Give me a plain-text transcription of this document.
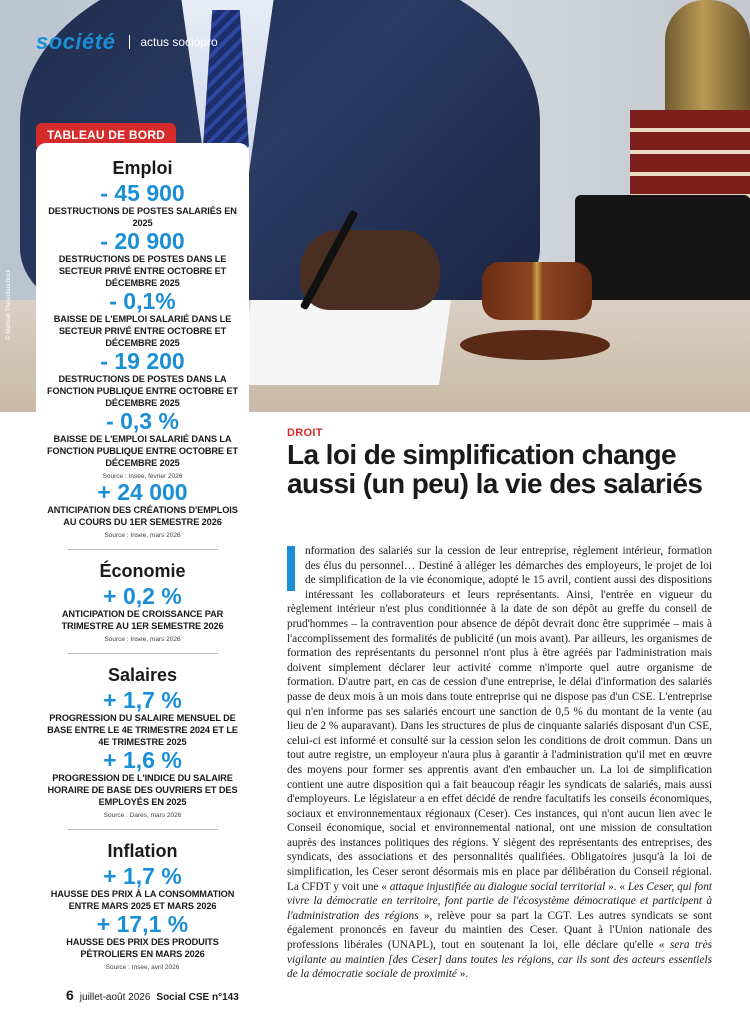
société actus sociopro
© Mattsuk Thesultanchock
TABLEAU DE BORD
Emploi
- 45 900
DESTRUCTIONS DE POSTES SALARIÉS EN 2025
- 20 900
DESTRUCTIONS DE POSTES DANS LE SECTEUR PRIVÉ ENTRE OCTOBRE ET DÉCEMBRE 2025
- 0,1%
BAISSE DE L'EMPLOI SALARIÉ DANS LE SECTEUR PRIVÉ ENTRE OCTOBRE ET DÉCEMBRE 2025
- 19 200
DESTRUCTIONS DE POSTES DANS LA FONCTION PUBLIQUE ENTRE OCTOBRE ET DÉCEMBRE 2025
- 0,3 %
BAISSE DE L'EMPLOI SALARIÉ DANS LA FONCTION PUBLIQUE ENTRE OCTOBRE ET DÉCEMBRE 2025
Source : Insee, février 2026
+ 24 000
ANTICIPATION DES CRÉATIONS D'EMPLOIS AU COURS DU 1ER SEMESTRE 2026
Source : Insee, mars 2026
Économie
+ 0,2 %
ANTICIPATION DE CROISSANCE PAR TRIMESTRE AU 1ER SEMESTRE 2026
Source : Insee, mars 2026
Salaires
+ 1,7 %
PROGRESSION DU SALAIRE MENSUEL DE BASE ENTRE LE 4E TRIMESTRE 2024 ET LE 4E TRIMESTRE 2025
+ 1,6 %
PROGRESSION DE L'INDICE DU SALAIRE HORAIRE DE BASE DES OUVRIERS ET DES EMPLOYÉS EN 2025
Source : Dares, mars 2026
Inflation
+ 1,7 %
HAUSSE DES PRIX À LA CONSOMMATION ENTRE MARS 2025 ET MARS 2026
+ 17,1 %
HAUSSE DES PRIX DES PRODUITS PÉTROLIERS EN MARS 2026
Source : Insee, avril 2026
DROIT
La loi de simplification change aussi (un peu) la vie des salariés
nformation des salariés sur la cession de leur entreprise, règlement intérieur, formation des élus du personnel… Destiné à alléger les démarches des employeurs, le projet de loi de simplification de la vie économique, adopté le 15 avril, contient aussi des dispositions intéressant les collaborateurs et leurs représentants. Ainsi, l'entrée en vigueur du règlement intérieur n'est plus conditionnée à la date de son dépôt au greffe du conseil de prud'hommes – la contravention pour absence de dépôt devrait donc être supprimée – mais à l'accomplissement des formalités de publicité (un mois avant). Par ailleurs, les organismes de formation des représentants du personnel n'ont plus à être agréés par l'administration mais doivent simplement déclarer leur activité comme n'importe quel autre organisme de formation. D'autre part, en cas de cession d'une entreprise, le délai d'information des salariés passe de deux mois à un mois dans toute entreprise qui ne dispose pas d'un CSE. L'entreprise qui n'en informe pas ses salariés encourt une sanction de 0,5 % du montant de la vente (au lieu de 2 % auparavant). Dans les structures de plus de cinquante salariés disposant d'un CSE, celui-ci est informé et consulté sur la cession selon les conditions de droit commun. Dans un tout autre registre, un employeur n'aura plus à garantir à l'administration qu'il met en œuvre des moyens pour former ses apprentis avant d'en embaucher un. La loi de simplification contient une autre disposition qui a fait beaucoup réagir les syndicats de salariés, mais aussi d'employeurs. Le législateur a en effet décidé de rendre facultatifs les conseils économiques, sociaux et environnementaux régionaux (Ceser). Ces instances, qui n'ont aucun lien avec le Conseil économique, social et environnemental national, ont une mission de consultation auprès des instances politiques des régions. Y siègent des représentants des entreprises, des syndicats, des associations et des personnalités qualifiées. Obligatoires jusqu'à la loi de simplification, les Ceser seront désormais mis en place par délibération du Conseil régional. La CFDT y voit une « attaque injustifiée au dialogue social territorial ». « Les Ceser, qui font vivre la démocratie en territoire, font partie de l'écosystème démocratique et participent à l'administration des régions », relève pour sa part la CGT. Les autres syndicats se sont également prononcés en faveur du maintien des Ceser. Quant à l'Union nationale des professions libérales (UNAPL), tout en soutenant la loi, elle déclare qu'elle « sera très vigilante au maintien [des Ceser] dans toutes les régions, car ils sont des acteurs essentiels de la démocratie sociale de proximité ».
6 juillet-août 2026 Social CSE n°143
